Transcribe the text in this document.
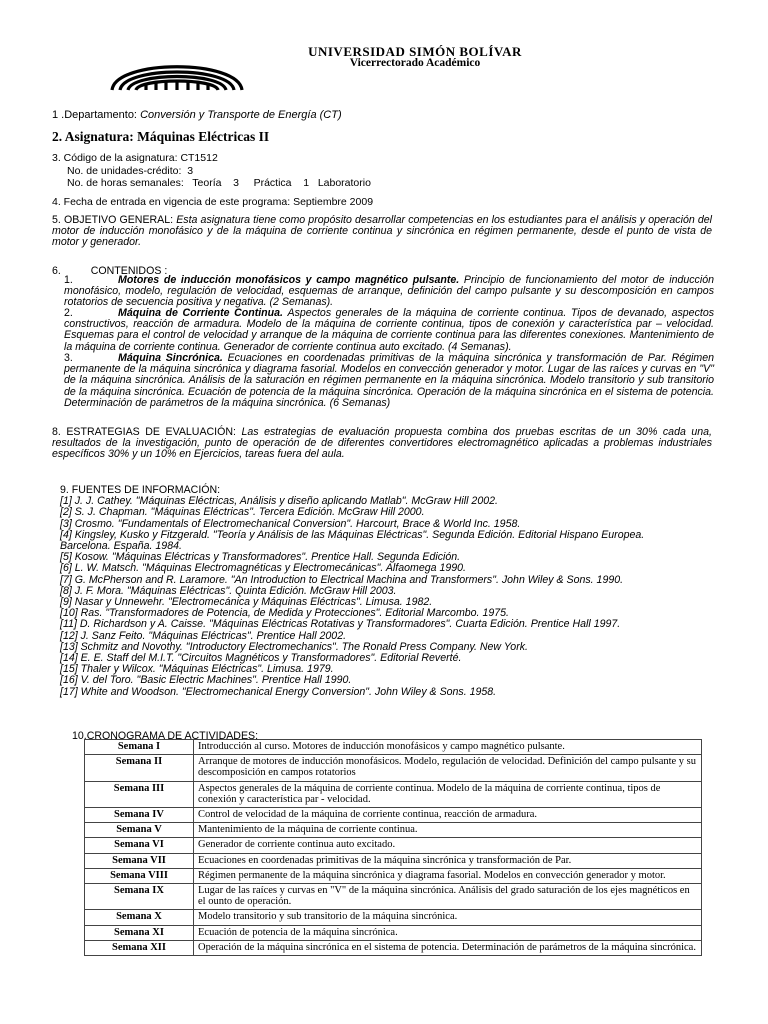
UNIVERSIDAD SIMÓN BOLÍVAR
Vicerrectorado Académico
1 .Departamento: Conversión y Transporte de Energía (CT)
2. Asignatura: Máquinas Eléctricas II
3. Código de la asignatura: CT1512
No. de unidades-crédito: 3
No. de horas semanales: Teoría 3 Práctica 1 Laboratorio
4. Fecha de entrada en vigencia de este programa: Septiembre 2009
5. OBJETIVO GENERAL: Esta asignatura tiene como propósito desarrollar competencias en los estudiantes para el análisis y operación del motor de inducción monofásico y de la máquina de corriente continua y sincrónica en régimen permanente, desde el punto de vista de motor y generador.
6.	CONTENIDOS :
1.	Motores de inducción monofásicos y campo magnético pulsante. Principio de funcionamiento del motor de inducción monofásico, modelo, regulación de velocidad, esquemas de arranque, definición del campo pulsante y su descomposición en campos rotatorios de secuencia positiva y negativa. (2 Semanas).
2.	Máquina de Corriente Continua. Aspectos generales de la máquina de corriente continua. Tipos de devanado, aspectos constructivos, reacción de armadura. Modelo de la máquina de corriente continua, tipos de conexión y característica par – velocidad. Esquemas para el control de velocidad y arranque de la máquina de corriente continua para las diferentes conexiones. Mantenimiento de la máquina de corriente continua. Generador de corriente continua auto excitado. (4 Semanas).
3.	Máquina Sincrónica. Ecuaciones en coordenadas primitivas de la máquina sincrónica y transformación de Par. Régimen permanente de la máquina sincrónica y diagrama fasorial. Modelos en convección generador y motor. Lugar de las raíces y curvas en "V" de la máquina sincrónica. Análisis de la saturación en régimen permanente en la máquina sincrónica. Modelo transitorio y sub transitorio de la máquina sincrónica. Ecuación de potencia de la máquina sincrónica. Operación de la máquina sincrónica en el sistema de potencia. Determinación de parámetros de la máquina sincrónica. (6 Semanas)
8. ESTRATEGIAS DE EVALUACIÓN: Las estrategias de evaluación propuesta combina dos pruebas escritas de un 30% cada una, resultados de la investigación, punto de operación de de diferentes convertidores electromagnético aplicadas a problemas industriales específicos 30% y un 10% en Ejercicios, tareas fuera del aula.
9. FUENTES DE INFORMACIÓN:
[1] J. J. Cathey. "Máquinas Eléctricas, Análisis y diseño aplicando Matlab". McGraw Hill 2002.
[2] S. J. Chapman. "Máquinas Eléctricas". Tercera Edición. McGraw Hill 2000.
[3] Crosmo. "Fundamentals of Electromechanical Conversion". Harcourt, Brace & World Inc. 1958.
[4] Kingsley, Kusko y Fitzgerald. "Teoría y Análisis de las Máquinas Eléctricas". Segunda Edición. Editorial Hispano Europea. Barcelona. España. 1984.
[5] Kosow. "Máquinas Eléctricas y Transformadores". Prentice Hall. Segunda Edición.
[6] L. W. Matsch. "Máquinas Electromagnéticas y Electromecánicas". Alfaomega 1990.
[7] G. McPherson and R. Laramore. "An Introduction to Electrical Machina and Transformers". John Wiley & Sons. 1990.
[8] J. F. Mora. "Máquinas Eléctricas". Quinta Edición. McGraw Hill 2003.
[9] Nasar y Unnewehr. "Electromecánica y Máquinas Eléctricas". Limusa. 1982.
[10] Ras. "Transformadores de Potencia, de Medida y Protecciones". Editorial Marcombo. 1975.
[11] D. Richardson y A. Caisse. "Máquinas Eléctricas Rotativas y Transformadores". Cuarta Edición. Prentice Hall 1997.
[12] J. Sanz Feito. "Máquinas Eléctricas". Prentice Hall 2002.
[13] Schmitz and Novothy. "Introductory Electromechanics". The Ronald Press Company. New York.
[14] E. E. Staff del M.I.T. "Circuitos Magnéticos y Transformadores". Editorial Reverté.
[15] Thaler y Wilcox. "Máquinas Eléctricas". Limusa. 1979.
[16] V. del Toro. "Basic Electric Machines". Prentice Hall 1990.
[17] White and Woodson. "Electromechanical Energy Conversion". John Wiley & Sons. 1958.
10.CRONOGRAMA DE ACTIVIDADES:
Semana I	Introducción al curso. Motores de inducción monofásicos y campo magnético pulsante.
Semana II	Arranque de motores de inducción monofásicos. Modelo, regulación de velocidad. Definición del campo pulsante y su descomposición en campos rotatorios
Semana III	Aspectos generales de la máquina de corriente continua. Modelo de la máquina de corriente continua, tipos de conexión y característica par - velocidad.
Semana IV	Control de velocidad de la máquina de corriente continua, reacción de armadura.
Semana V	Mantenimiento de la máquina de corriente continua.
Semana VI	Generador de corriente continua auto excitado.
Semana VII	Ecuaciones en coordenadas primitivas de la máquina sincrónica y transformación de Par.
Semana VIII	Régimen permanente de la máquina sincrónica y diagrama fasorial. Modelos en convección generador y motor.
Semana IX	Lugar de las raíces y curvas en "V" de la máquina sincrónica. Análisis del grado saturación de los ejes magnéticos en el ounto de operación.
Semana X	Modelo transitorio y sub transitorio de la máquina sincrónica.
Semana XI	Ecuación de potencia de la máquina sincrónica.
Semana XII	Operación de la máquina sincrónica en el sistema de potencia. Determinación de parámetros de la máquina sincrónica.
